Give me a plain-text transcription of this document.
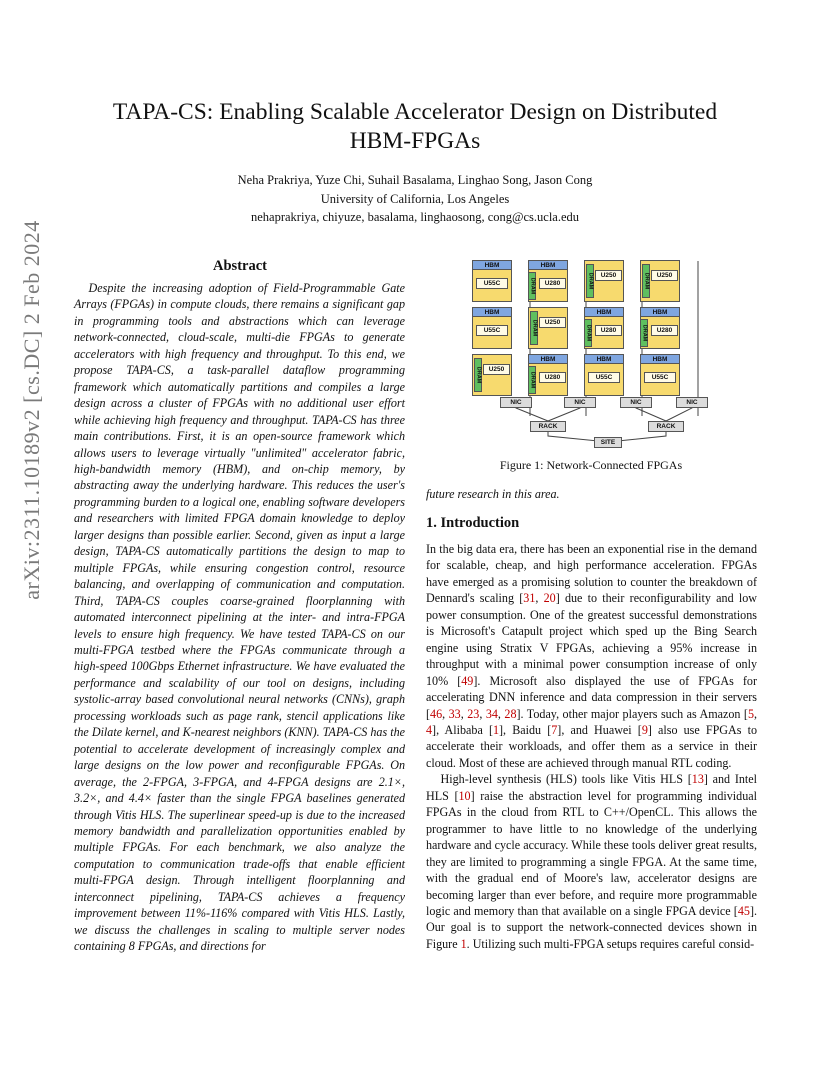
arXiv:2311.10189v2 [cs.DC] 2 Feb 2024
TAPA-CS: Enabling Scalable Accelerator Design on Distributed HBM-FPGAs
Neha Prakriya, Yuze Chi, Suhail Basalama, Linghao Song, Jason Cong
University of California, Los Angeles
nehaprakriya, chiyuze, basalama, linghaosong, cong@cs.ucla.edu
Abstract

Despite the increasing adoption of Field-Programmable Gate Arrays (FPGAs) in compute clouds, there remains a significant gap in programming tools and abstractions which can leverage network-connected, cloud-scale, multi-die FPGAs to generate accelerators with high frequency and throughput. To this end, we propose TAPA-CS, a task-parallel dataflow programming framework which automatically partitions and compiles a large design across a cluster of FPGAs with no additional user effort while achieving high frequency and throughput. TAPA-CS has three main contributions. First, it is an open-source framework which allows users to leverage virtually "unlimited" accelerator fabric, high-bandwidth memory (HBM), and on-chip memory, by abstracting away the underlying hardware. This reduces the user's programming burden to a logical one, enabling software developers and researchers with limited FPGA domain knowledge to deploy larger designs than possible earlier. Second, given as input a large design, TAPA-CS automatically partitions the design to map to multiple FPGAs, while ensuring congestion control, resource balancing, and overlapping of communication and computation. Third, TAPA-CS couples coarse-grained floorplanning with automated interconnect pipelining at the inter- and intra-FPGA levels to ensure high frequency. We have tested TAPA-CS on our multi-FPGA testbed where the FPGAs communicate through a high-speed 100Gbps Ethernet infrastructure. We have evaluated the performance and scalability of our tool on designs, including systolic-array based convolutional neural networks (CNNs), graph processing workloads such as page rank, stencil applications like the Dilate kernel, and K-nearest neighbors (KNN). TAPA-CS has the potential to accelerate development of increasingly complex and large designs on the low power and reconfigurable FPGAs. On average, the 2-FPGA, 3-FPGA, and 4-FPGA designs are 2.1×, 3.2×, and 4.4× faster than the single FPGA baselines generated through Vitis HLS. The superlinear speed-up is due to the increased memory bandwidth and parallelization opportunities enabled by multiple FPGAs. For each benchmark, we also analyze the computation to communication trade-offs that enable efficient multi-FPGA design. Through intelligent floorplanning and interconnect pipelining, TAPA-CS achieves a frequency improvement between 11%-116% compared with Vitis HLS. Lastly, we discuss the challenges in scaling to multiple server nodes containing 8 FPGAs, and directions for

HBM
U55C
HBM
DRAM	U280	DRAM	U250	DRAM	U250
HBM
U55C	DRAM	U250
HBM
DRAM	U280
HBM
DRAM	U280
DRAM	U250
HBM
DRAM	U280
HBM
U55C
HBM
U55C
NIC	NIC	NIC	NIC
RACK	RACK
SITE
Figure 1: Network-Connected FPGAs
future research in this area.
1. Introduction

In the big data era, there has been an exponential rise in the demand for scalable, cheap, and high performance acceleration. FPGAs have emerged as a promising solution to counter the breakdown of Dennard's scaling [31, 20] due to their reconfigurability and low power consumption. One of the greatest successful demonstrations is Microsoft's Catapult project which sped up the Bing Search engine using Stratix V FPGAs, achieving a 95% increase in throughput with a minimal power consumption increase of only 10% [49]. Microsoft also displayed the use of FPGAs for accelerating DNN inference and data compression in their servers [46, 33, 23, 34, 28]. Today, other major players such as Amazon [5, 4], Alibaba [1], Baidu [7], and Huawei [9] also use FPGAs to accelerate their workloads, and offer them as a service in their cloud. Most of these are achieved through manual RTL coding.

High-level synthesis (HLS) tools like Vitis HLS [13] and Intel HLS [10] raise the abstraction level for programming individual FPGAs in the cloud from RTL to C++/OpenCL. This allows the programmer to have little to no knowledge of the underlying hardware and cycle accuracy. While these tools deliver great results, they are limited to programming a single FPGA. At the same time, with the gradual end of Moore's law, accelerator designs are becoming larger than ever before, and require more programmable logic and memory than that available on a single FPGA device [45]. Our goal is to support the network-connected devices shown in Figure 1. Utilizing such multi-FPGA setups requires careful consid-
